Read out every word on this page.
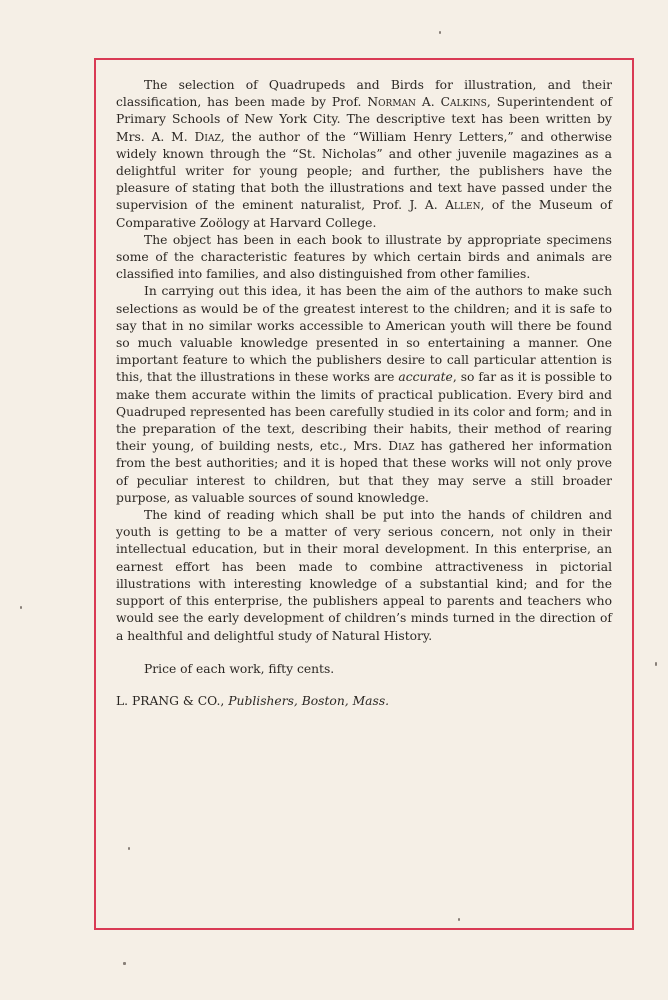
The selection of Quadrupeds and Birds for illustration, and their classification, has been made by Prof. Norman A. Calkins, Superintendent of Primary Schools of New York City. The descriptive text has been written by Mrs. A. M. Diaz, the author of the “William Henry Letters,” and otherwise widely known through the “St. Nicholas” and other juvenile magazines as a delightful writer for young people; and further, the publishers have the pleasure of stating that both the illustrations and text have passed under the supervision of the eminent naturalist, Prof. J. A. Allen, of the Museum of Comparative Zoölogy at Harvard College.

The object has been in each book to illustrate by appropriate specimens some of the characteristic features by which certain birds and animals are classified into families, and also distinguished from other families.

In carrying out this idea, it has been the aim of the authors to make such selections as would be of the greatest interest to the children; and it is safe to say that in no similar works accessible to American youth will there be found so much valuable knowledge presented in so entertaining a manner. One important feature to which the publishers desire to call particular attention is this, that the illustrations in these works are accurate, so far as it is possible to make them accurate within the limits of practical publication. Every bird and Quadruped represented has been carefully studied in its color and form; and in the preparation of the text, describing their habits, their method of rearing their young, of building nests, etc., Mrs. Diaz has gathered her information from the best authorities; and it is hoped that these works will not only prove of peculiar interest to children, but that they may serve a still broader purpose, as valuable sources of sound knowledge.

The kind of reading which shall be put into the hands of children and youth is getting to be a matter of very serious concern, not only in their intellectual education, but in their moral development. In this enterprise, an earnest effort has been made to combine attractiveness in pictorial illustrations with interesting knowledge of a substantial kind; and for the support of this enterprise, the publishers appeal to parents and teachers who would see the early development of children’s minds turned in the direction of a healthful and delightful study of Natural History.

Price of each work, fifty cents.

L. PRANG & CO., Publishers, Boston, Mass.
